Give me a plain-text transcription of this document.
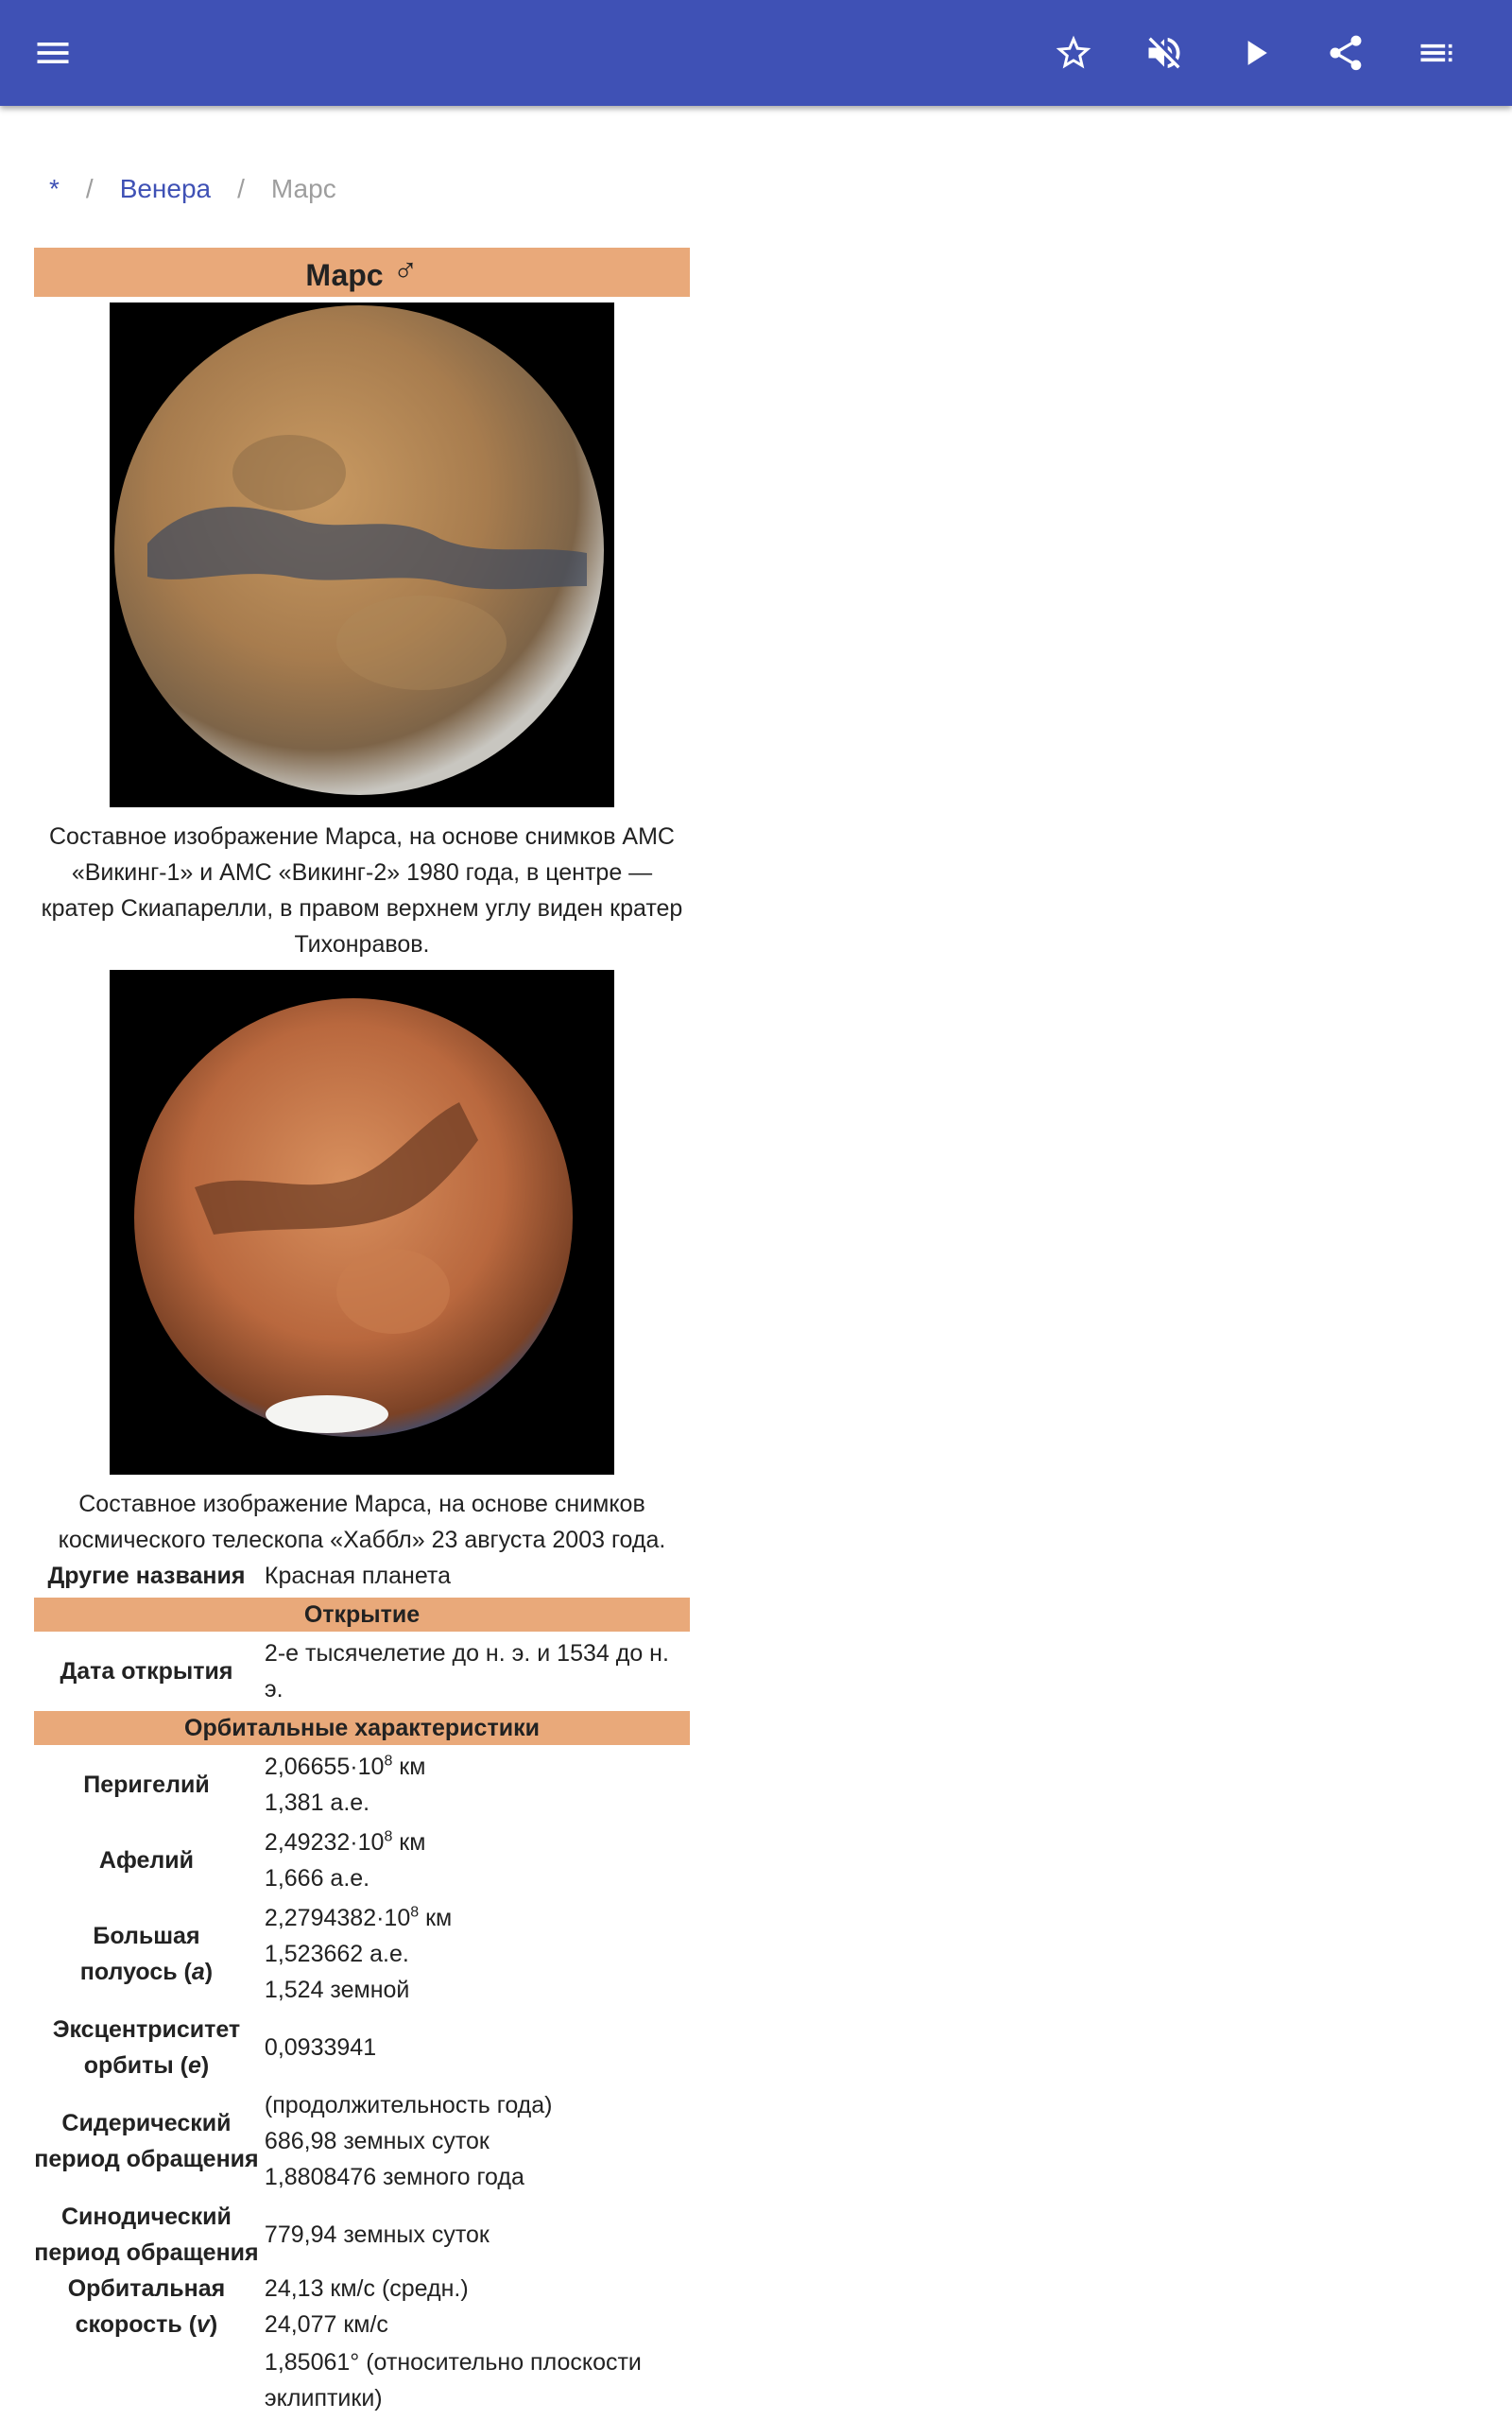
* / Венера / Марс
Марс ♂
Составное изображение Марса, на основе снимков АМС «Викинг-1» и АМС «Викинг-2» 1980 года, в центре — кратер Скиапарелли, в правом верхнем углу виден кратер Тихонравов.
Составное изображение Марса, на основе снимков космического телескопа «Хаббл» 23 августа 2003 года.
Другие названия Красная планета
Открытие
Дата открытия
2-е тысячелетие до н. э. и 1534 до н. э.
Орбитальные характеристики
Перигелий
$2,06655\cdot 10^8$ км
1,381 а.е.
Афелий
$2,49232\cdot 10^8$ км
1,666 а.е.
Большая
полуось (a)
$2,2794382\cdot 10^8$ км
1,523662 а.е.
1,524 земной
Эксцентриситет
орбиты (e)
0,0933941
Сидерический
период обращения
(продолжительность года)
686,98 земных суток
1,8808476 земного года
Синодический
период обращения
779,94 земных суток
Орбитальная
скорость (v)
24,13 км/с (средн.)
24,077 км/с
1,85061° (относительно плоскости эклиптики)
